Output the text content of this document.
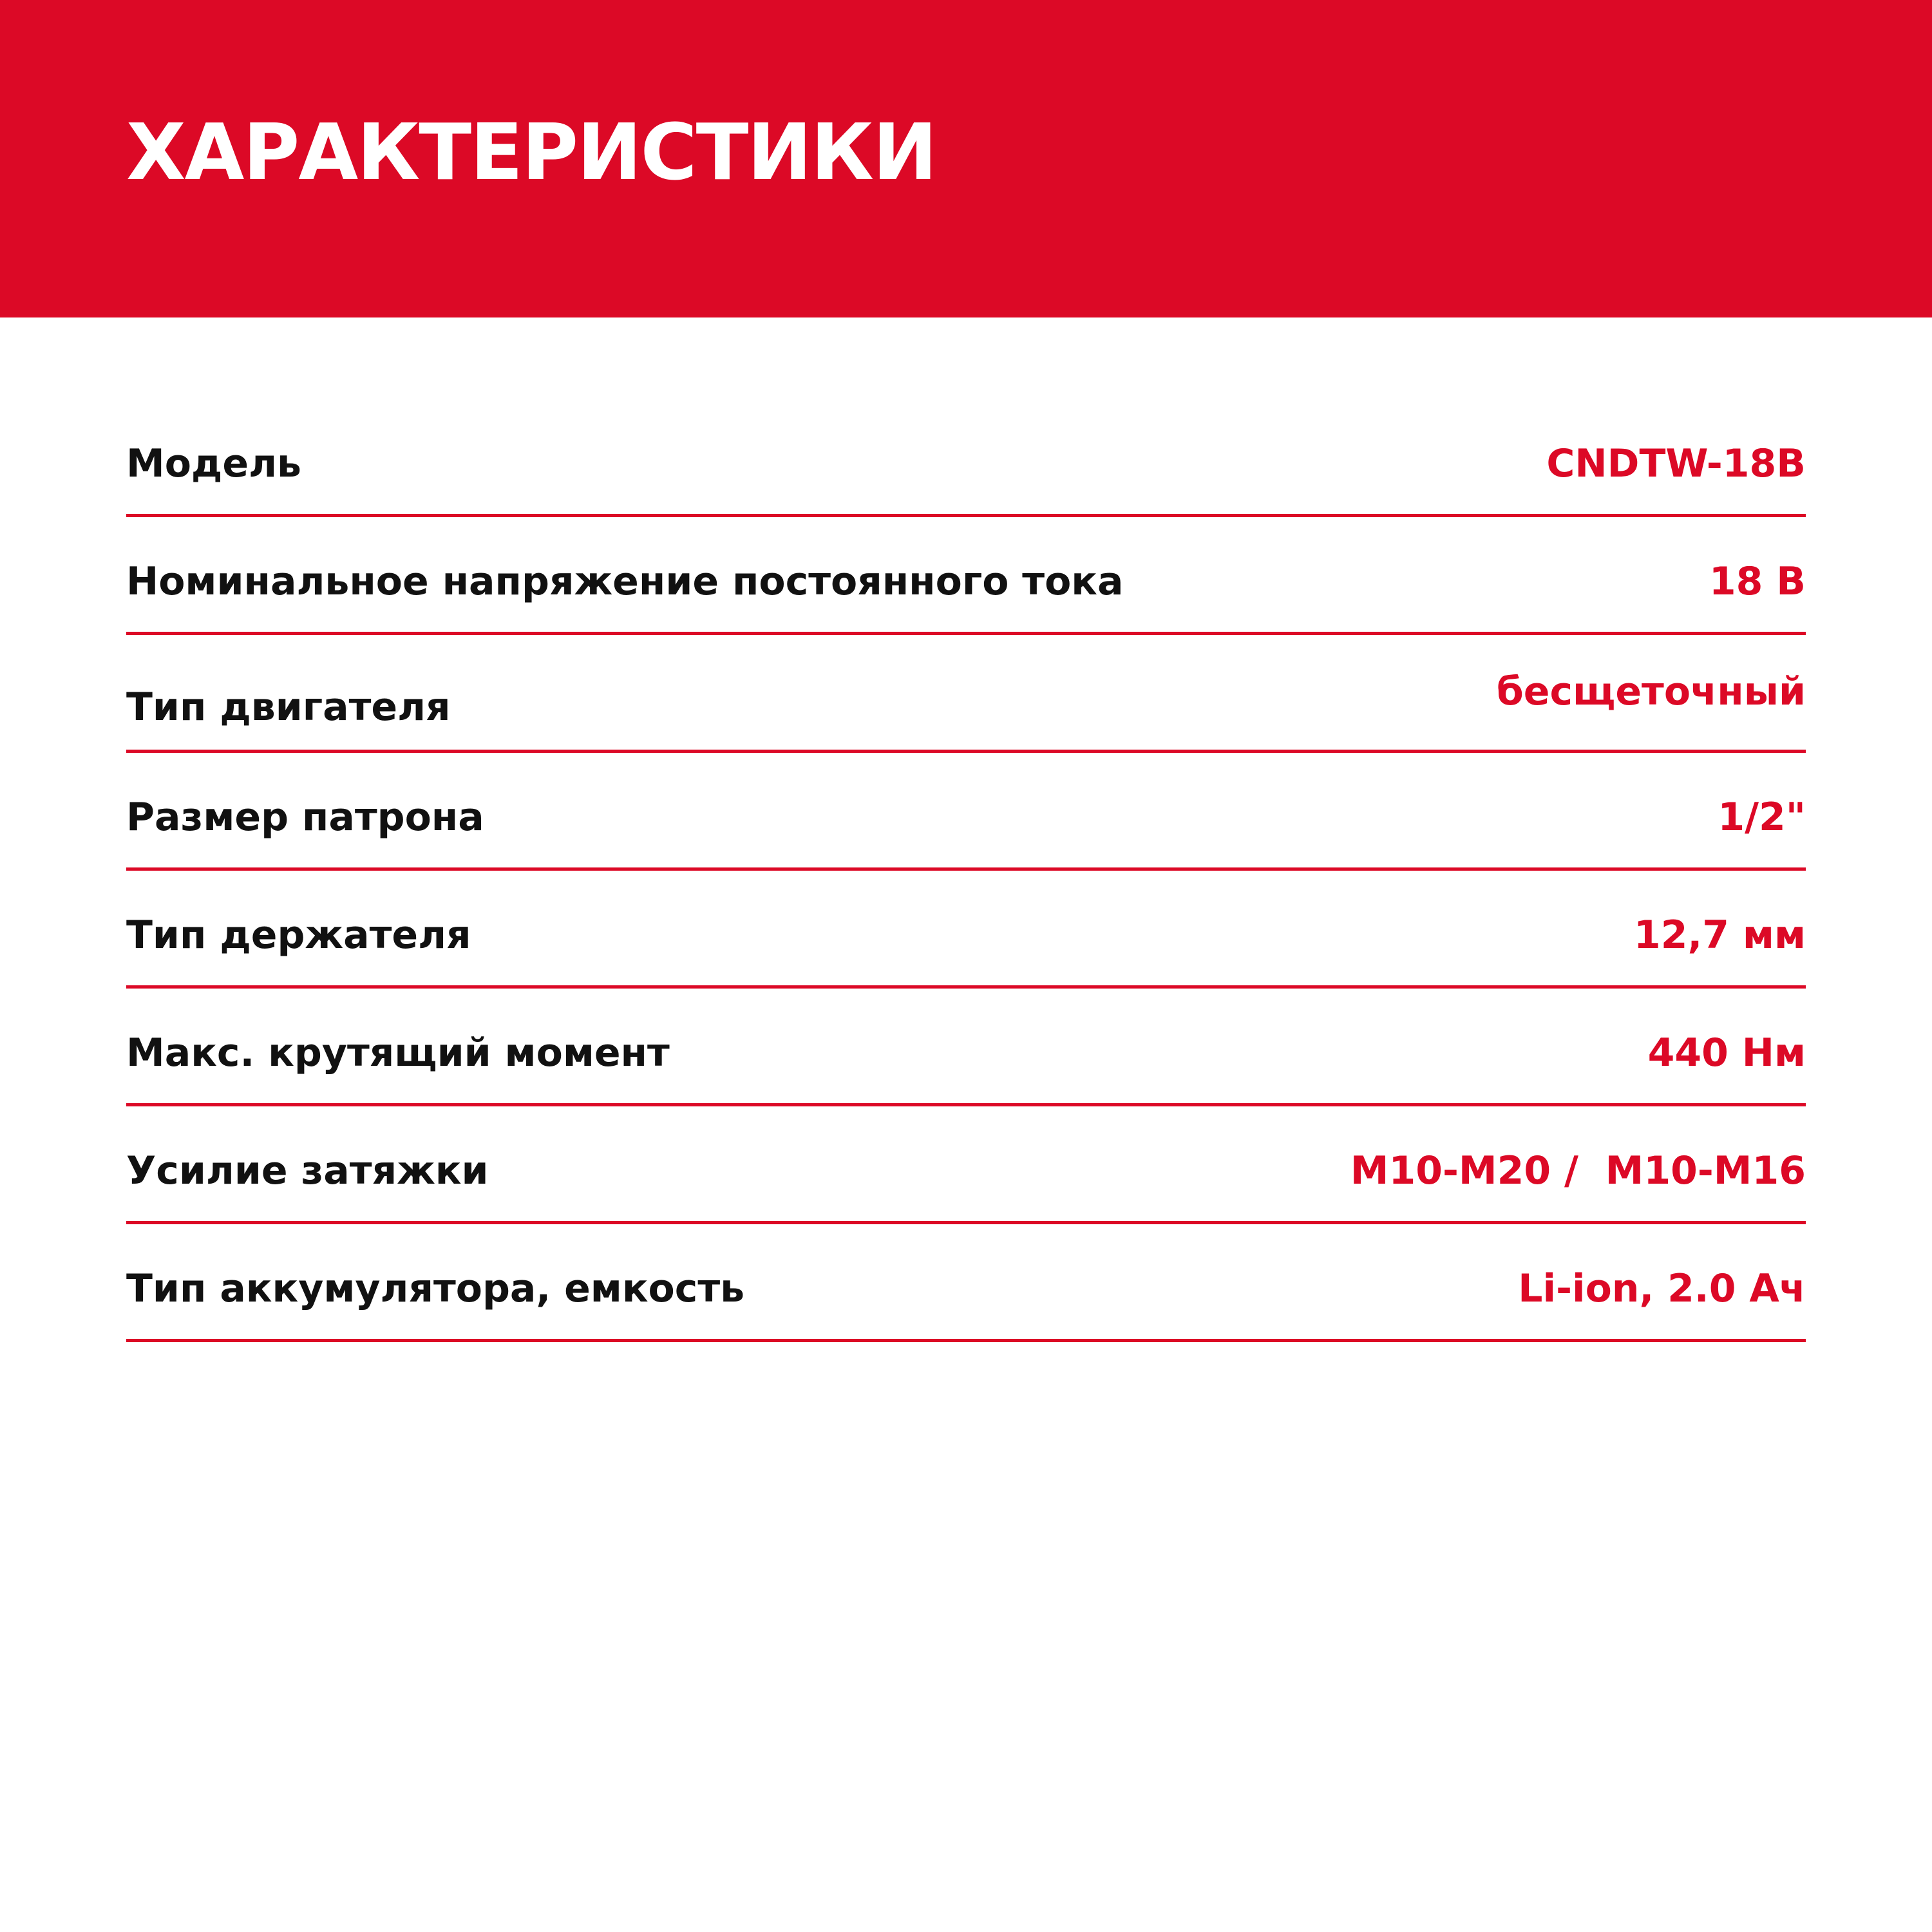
ХАРАКТЕРИСТИКИ
Модель	CNDTW-18B
Номинальное напряжение постоянного тока	18 В
Тип двигателя	бесщеточный
Размер патрона	1/2"
Тип держателя	12,7 мм
Макс. крутящий момент	440 Нм
Усилие затяжки	М10-М20 /  М10-М16
Тип аккумулятора, емкость	Li-ion, 2.0 Ач
